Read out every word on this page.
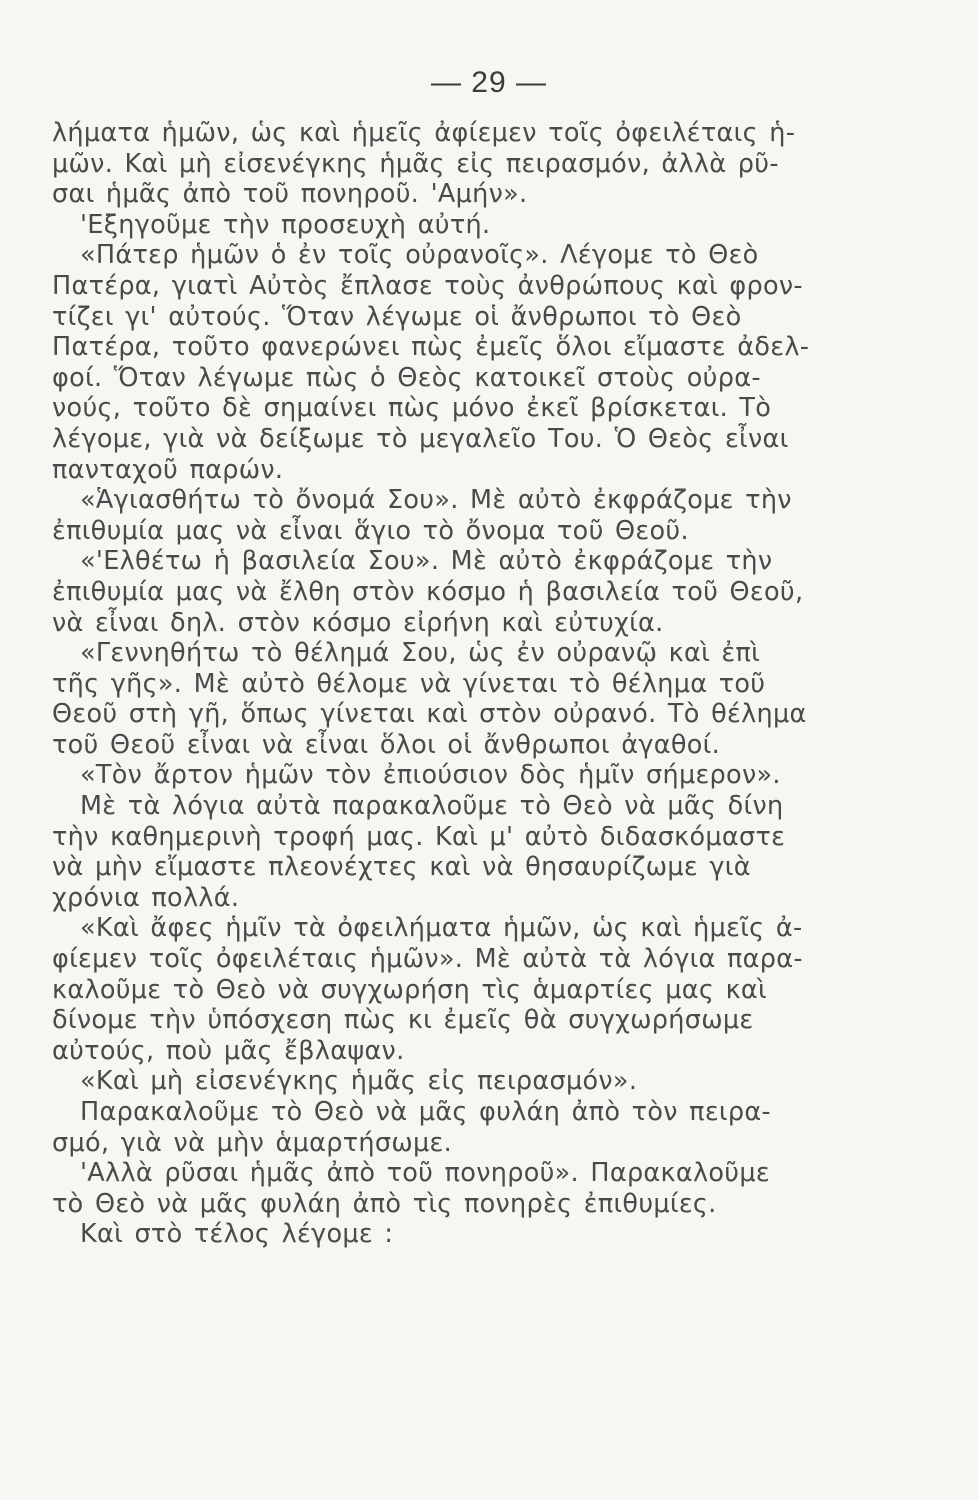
— 29 —
λήματα ἡμῶν, ὡς καὶ ἡμεῖς ἀφίεμεν τοῖς ὀφειλέταις ἡ-
μῶν. Καὶ μὴ εἰσενέγκης ἡμᾶς εἰς πειρασμόν, ἀλλὰ ρῦ-
σαι ἡμᾶς ἀπὸ τοῦ πονηροῦ. 'Αμήν».
'Εξηγοῦμε τὴν προσευχὴ αὐτή.
«Πάτερ ἡμῶν ὁ ἐν τοῖς οὐρανοῖς». Λέγομε τὸ Θεὸ
Πατέρα, γιατὶ Αὐτὸς ἔπλασε τοὺς ἀνθρώπους καὶ φρον-
τίζει γι' αὐτούς. Ὅταν λέγωμε οἱ ἄνθρωποι τὸ Θεὸ
Πατέρα, τοῦτο φανερώνει πὼς ἐμεῖς ὅλοι εἴμαστε ἀδελ-
φοί. Ὅταν λέγωμε πὼς ὁ Θεὸς κατοικεῖ στοὺς οὐρα-
νούς, τοῦτο δὲ σημαίνει πὼς μόνο ἐκεῖ βρίσκεται. Τὸ
λέγομε, γιὰ νὰ δείξωμε τὸ μεγαλεῖο Του. Ὁ Θεὸς εἶναι
πανταχοῦ παρών.
«Ἁγιασθήτω τὸ ὄνομά Σου». Μὲ αὐτὸ ἐκφράζομε τὴν
ἐπιθυμία μας νὰ εἶναι ἅγιο τὸ ὄνομα τοῦ Θεοῦ.
«'Ελθέτω ἡ βασιλεία Σου». Μὲ αὐτὸ ἐκφράζομε τὴν
ἐπιθυμία μας νὰ ἔλθη στὸν κόσμο ἡ βασιλεία τοῦ Θεοῦ,
νὰ εἶναι δηλ. στὸν κόσμο εἰρήνη καὶ εὐτυχία.
«Γεννηθήτω τὸ θέλημά Σου, ὡς ἐν οὐρανῷ καὶ ἐπὶ
τῆς γῆς». Μὲ αὐτὸ θέλομε νὰ γίνεται τὸ θέλημα τοῦ
Θεοῦ στὴ γῆ, ὅπως γίνεται καὶ στὸν οὐρανό. Τὸ θέλημα
τοῦ Θεοῦ εἶναι νὰ εἶναι ὅλοι οἱ ἄνθρωποι ἀγαθοί.
«Τὸν ἄρτον ἡμῶν τὸν ἐπιούσιον δὸς ἡμῖν σήμερον».
Μὲ τὰ λόγια αὐτὰ παρακαλοῦμε τὸ Θεὸ νὰ μᾶς δίνη
τὴν καθημερινὴ τροφή μας. Καὶ μ' αὐτὸ διδασκόμαστε
νὰ μὴν εἴμαστε πλεονέχτες καὶ νὰ θησαυρίζωμε γιὰ
χρόνια πολλά.
«Καὶ ἄφες ἡμῖν τὰ ὀφειλήματα ἡμῶν, ὡς καὶ ἡμεῖς ἀ-
φίεμεν τοῖς ὀφειλέταις ἡμῶν». Μὲ αὐτὰ τὰ λόγια παρα-
καλοῦμε τὸ Θεὸ νὰ συγχωρήση τὶς ἁμαρτίες μας καὶ
δίνομε τὴν ὑπόσχεση πὼς κι ἐμεῖς θὰ συγχωρήσωμε
αὐτούς, ποὺ μᾶς ἔβλαψαν.
«Καὶ μὴ εἰσενέγκης ἡμᾶς εἰς πειρασμόν».
Παρακαλοῦμε τὸ Θεὸ νὰ μᾶς φυλάη ἀπὸ τὸν πειρα-
σμό, γιὰ νὰ μὴν ἁμαρτήσωμε.
'Αλλὰ ρῦσαι ἡμᾶς ἀπὸ τοῦ πονηροῦ». Παρακαλοῦμε
τὸ Θεὸ νὰ μᾶς φυλάη ἀπὸ τὶς πονηρὲς ἐπιθυμίες.
Καὶ στὸ τέλος λέγομε :
